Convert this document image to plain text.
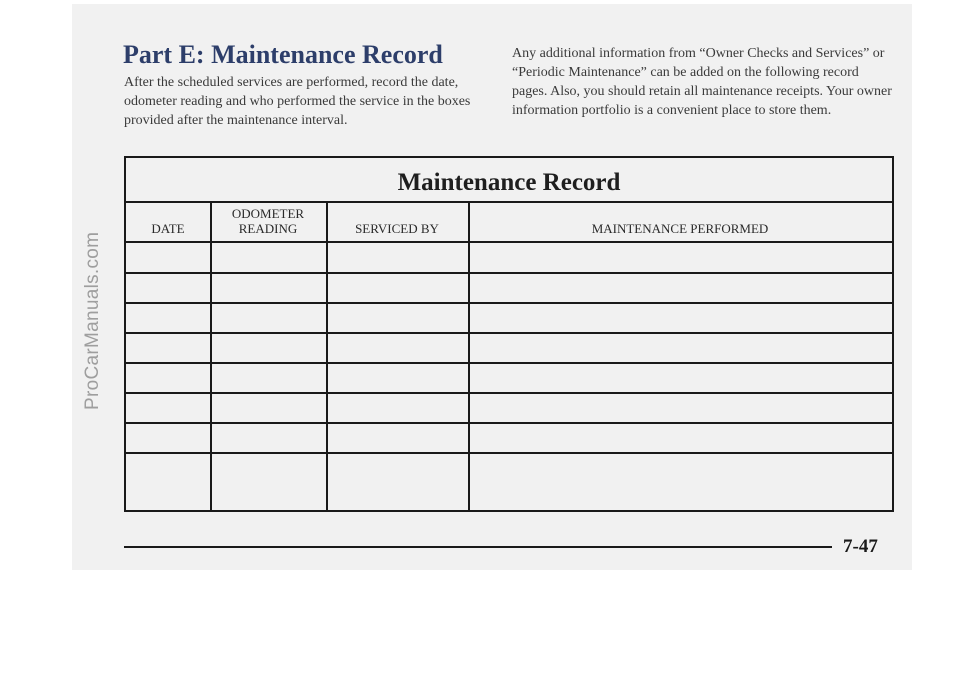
ProCarManuals.com
Part E: Maintenance Record

After the scheduled services are performed, record the date, odometer reading and who performed the service in the boxes provided after the maintenance interval.

Any additional information from “Owner Checks and Services” or “Periodic Maintenance” can be added on the following record pages. Also, you should retain all maintenance receipts. Your owner information portfolio is a convenient place to store them.

Maintenance Record
DATE
ODOMETER READING	SERVICED BY	MAINTENANCE PERFORMED
7-47
